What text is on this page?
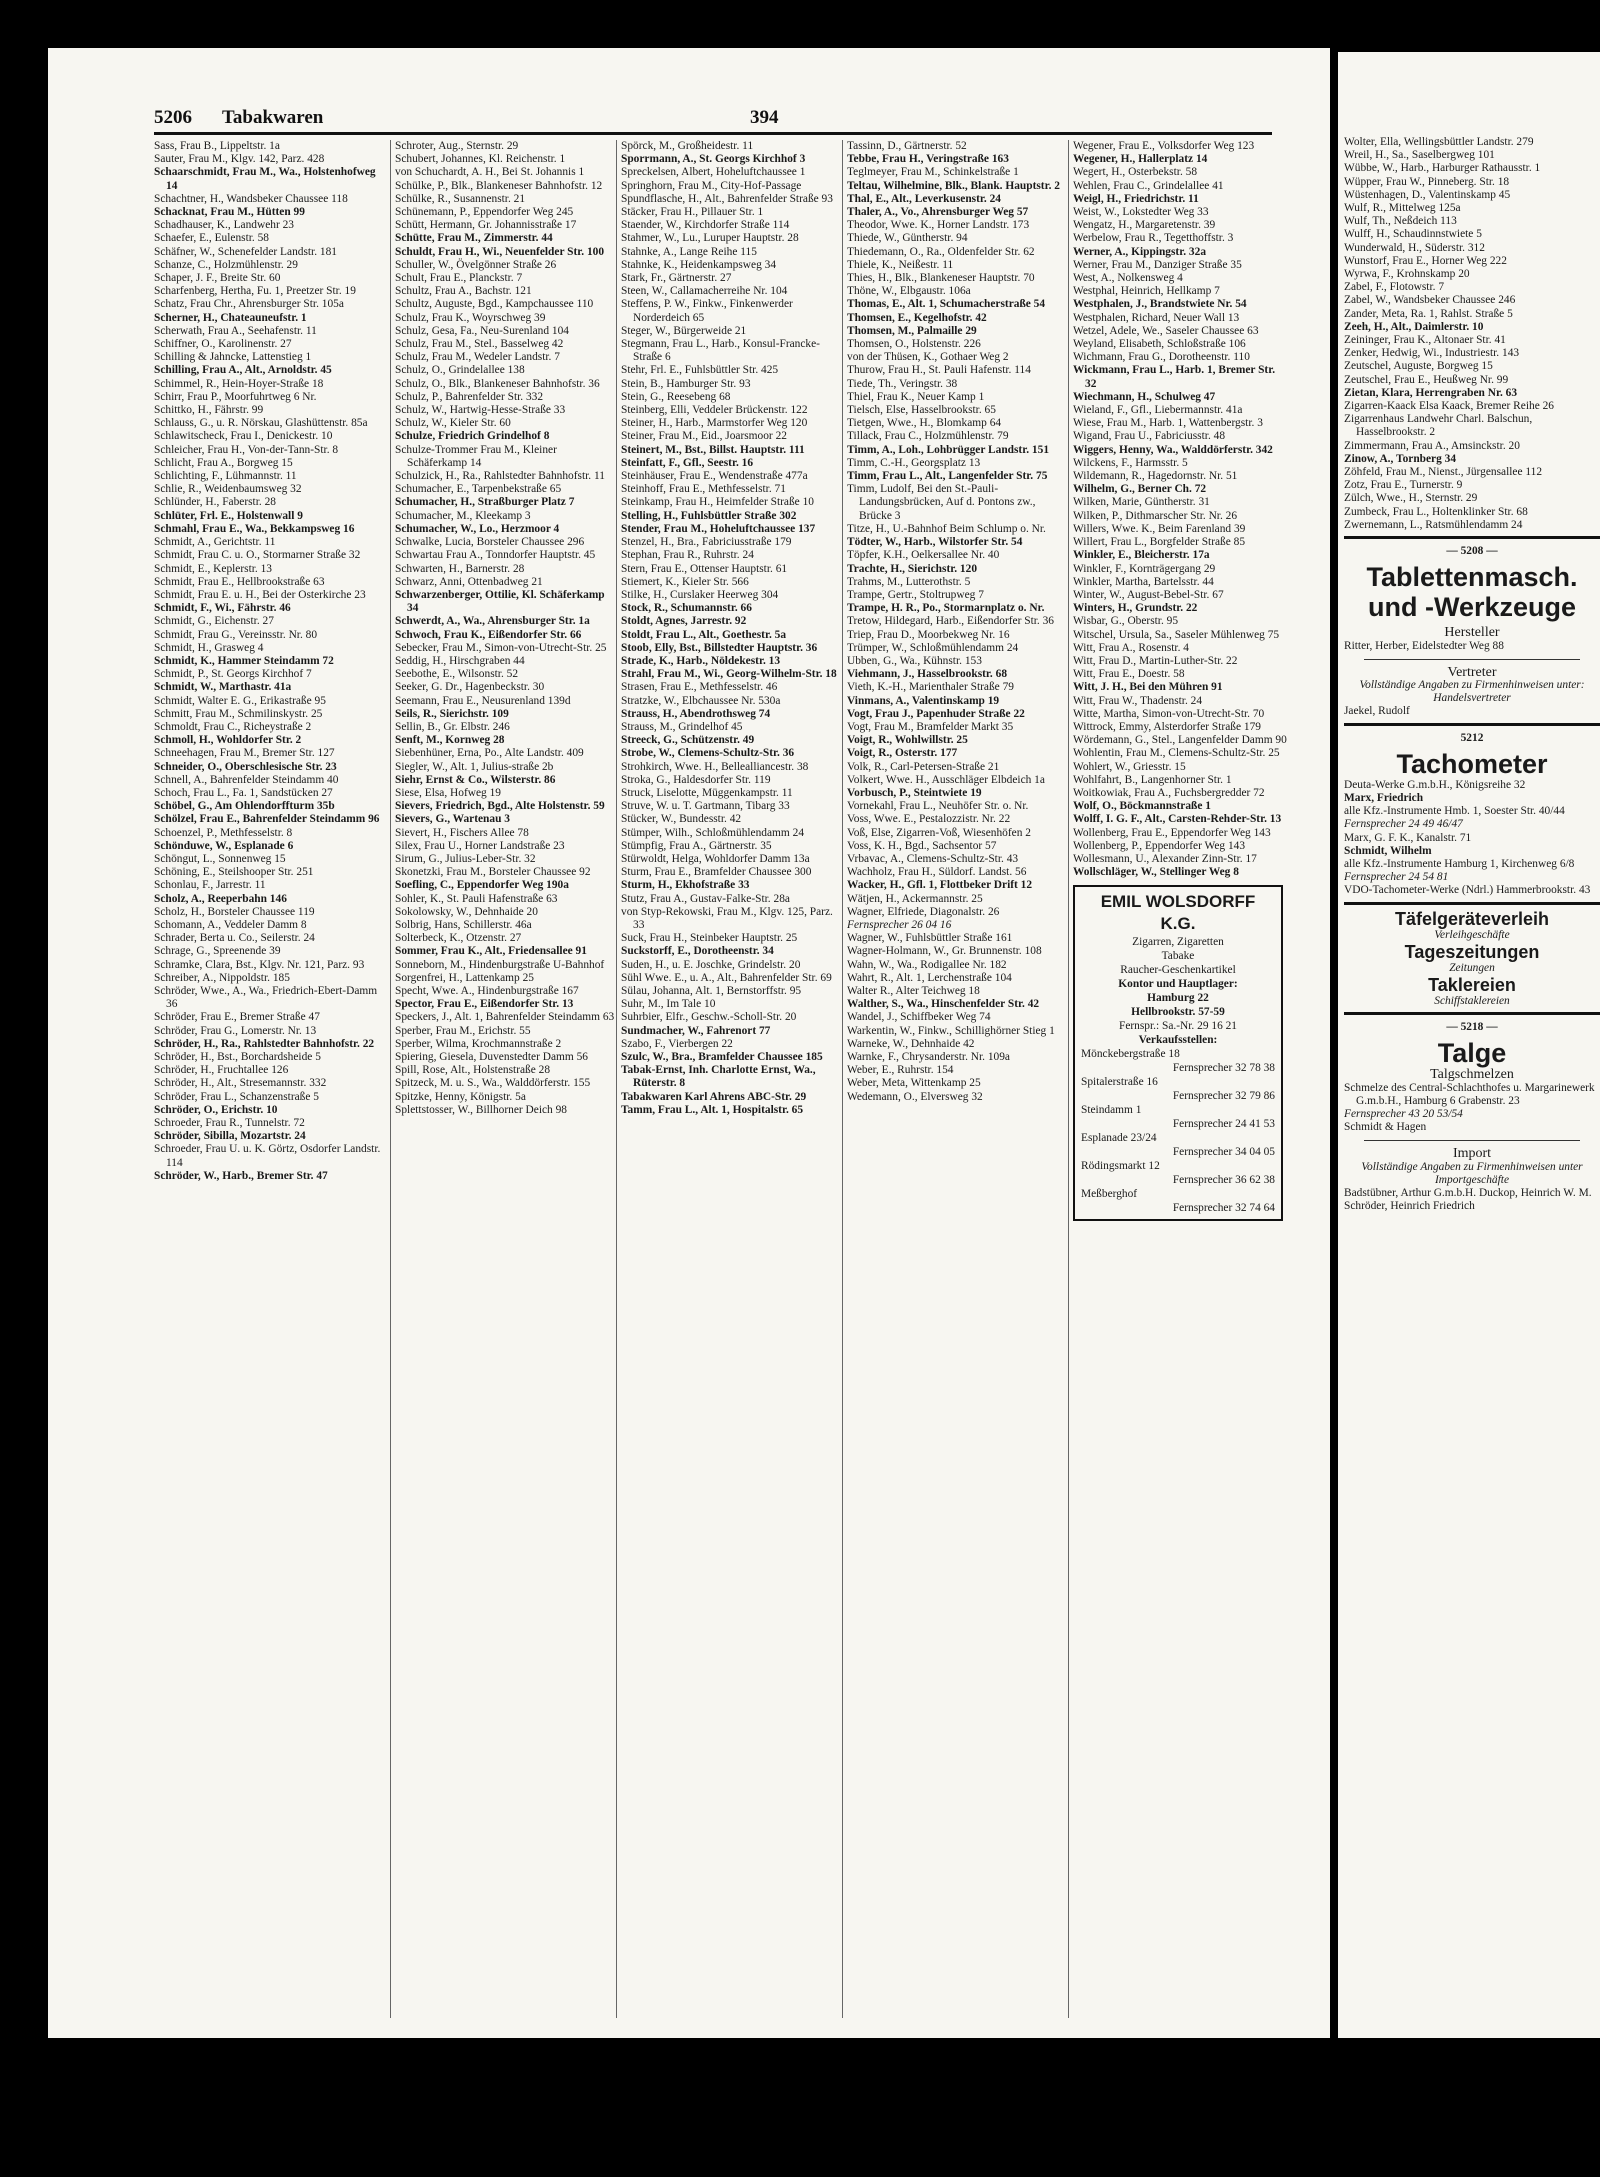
5206 Tabakwaren	394
Sass, Frau B., Lippeltstr. 1a
Sauter, Frau M., Klgv. 142, Parz. 428
Schaarschmidt, Frau M., Wa., Holstenhofweg 14
Schachtner, H., Wandsbeker Chaussee 118
Schacknat, Frau M., Hütten 99
Schadhauser, K., Landwehr 23
Schaefer, E., Eulenstr. 58
Schäfner, W., Schenefelder Landstr. 181
Schanze, C., Holzmühlenstr. 29
Schaper, J. F., Breite Str. 60
Scharfenberg, Hertha, Fu. 1, Preetzer Str. 19
Schatz, Frau Chr., Ahrensburger Str. 105a
Scherner, H., Chateauneufstr. 1
Scherwath, Frau A., Seehafenstr. 11
Schiffner, O., Karolinenstr. 27
Schilling & Jahncke, Lattenstieg 1
Schilling, Frau A., Alt., Arnoldstr. 45
Schimmel, R., Hein-Hoyer-Straße 18
Schirr, Frau P., Moorfuhrtweg 6 Nr.
Schittko, H., Fährstr. 99
Schlauss, G., u. R. Nörskau, Glashüttenstr. 85a
Schlawitscheck, Frau I., Denickestr. 10
Schleicher, Frau H., Von-der-Tann-Str. 8
Schlicht, Frau A., Borgweg 15
Schlichting, F., Lühmannstr. 11
Schlie, R., Weidenbaumsweg 32
Schlünder, H., Faberstr. 28
Schlüter, Frl. E., Holstenwall 9
Schmahl, Frau E., Wa., Bekkampsweg 16
Schmidt, A., Gerichtstr. 11
Schmidt, Frau C. u. O., Stormarner Straße 32
Schmidt, E., Keplerstr. 13
Schmidt, Frau E., Hellbrookstraße 63
Schmidt, Frau E. u. H., Bei der Osterkirche 23
Schmidt, F., Wi., Fährstr. 46
Schmidt, G., Eichenstr. 27
Schmidt, Frau G., Vereinsstr. Nr. 80
Schmidt, H., Grasweg 4
Schmidt, K., Hammer Steindamm 72
Schmidt, P., St. Georgs Kirchhof 7
Schmidt, W., Marthastr. 41a
Schmidt, Walter E. G., Erikastraße 95
Schmitt, Frau M., Schmilinskystr. 25
Schmoldt, Frau C., Richeystraße 2
Schmoll, H., Wohldorfer Str. 2
Schneehagen, Frau M., Bremer Str. 127
Schneider, O., Oberschlesische Str. 23
Schnell, A., Bahrenfelder Steindamm 40
Schoch, Frau L., Fa. 1, Sandstücken 27
Schöbel, G., Am Ohlendorffturm 35b
Schölzel, Frau E., Bahrenfelder Steindamm 96
Schoenzel, P., Methfesselstr. 8
Schönduwe, W., Esplanade 6
Schöngut, L., Sonnenweg 15
Schöning, E., Steilshooper Str. 251
Schonlau, F., Jarrestr. 11
Scholz, A., Reeperbahn 146
Scholz, H., Borsteler Chaussee 119
Schomann, A., Veddeler Damm 8
Schrader, Berta u. Co., Seilerstr. 24
Schrage, G., Spreenende 39
Schramke, Clara, Bst., Klgv. Nr. 121, Parz. 93
Schreiber, A., Nippoldstr. 185
Schröder, Wwe., A., Wa., Friedrich-Ebert-Damm 36
Schröder, Frau E., Bremer Straße 47
Schröder, Frau G., Lomerstr. Nr. 13
Schröder, H., Ra., Rahlstedter Bahnhofstr. 22
Schröder, H., Bst., Borchardsheide 5
Schröder, H., Fruchtallee 126
Schröder, H., Alt., Stresemannstr. 332
Schröder, Frau L., Schanzenstraße 5
Schröder, O., Erichstr. 10
Schroeder, Frau R., Tunnelstr. 72
Schröder, Sibilla, Mozartstr. 24
Schroeder, Frau U. u. K. Görtz, Osdorfer Landstr. 114
Schröder, W., Harb., Bremer Str. 47
Schroter, Aug., Sternstr. 29
Schubert, Johannes, Kl. Reichenstr. 1
von Schuchardt, A. H., Bei St. Johannis 1
Schülke, P., Blk., Blankeneser Bahnhofstr. 12
Schülke, R., Susannenstr. 21
Schünemann, P., Eppendorfer Weg 245
Schütt, Hermann, Gr. Johannisstraße 17
Schütte, Frau M., Zimmerstr. 44
Schuldt, Frau H., Wi., Neuenfelder Str. 100
Schuller, W., Övelgönner Straße 26
Schult, Frau E., Planckstr. 7
Schultz, Frau A., Bachstr. 121
Schultz, Auguste, Bgd., Kampchaussee 110
Schulz, Frau K., Woyrschweg 39
Schulz, Gesa, Fa., Neu-Surenland 104
Schulz, Frau M., Stel., Basselweg 42
Schulz, Frau M., Wedeler Landstr. 7
Schulz, O., Grindelallee 138
Schulz, O., Blk., Blankeneser Bahnhofstr. 36
Schulz, P., Bahrenfelder Str. 332
Schulz, W., Hartwig-Hesse-Straße 33
Schulz, W., Kieler Str. 60
Schulze, Friedrich Grindelhof 8
Schulze-Trommer Frau M., Kleiner Schäferkamp 14
Schulzick, H., Ra., Rahlstedter Bahnhofstr. 11
Schumacher, E., Tarpenbekstraße 65
Schumacher, H., Straßburger Platz 7
Schumacher, M., Kleekamp 3
Schumacher, W., Lo., Herzmoor 4
Schwalke, Lucia, Borsteler Chaussee 296
Schwartau Frau A., Tonndorfer Hauptstr. 45
Schwarten, H., Barnerstr. 28
Schwarz, Anni, Ottenbadweg 21
Schwarzenberger, Ottilie, Kl. Schäferkamp 34
Schwerdt, A., Wa., Ahrensburger Str. 1a
Schwoch, Frau K., Eißendorfer Str. 66
Sebecker, Frau M., Simon-von-Utrecht-Str. 25
Seddig, H., Hirschgraben 44
Seebothe, E., Wilsonstr. 52
Seeker, G. Dr., Hagenbeckstr. 30
Seemann, Frau E., Neusurenland 139d
Seils, R., Sierichstr. 109
Sellin, B., Gr. Elbstr. 246
Senft, M., Kornweg 28
Siebenhüner, Erna, Po., Alte Landstr. 409
Siegler, W., Alt. 1, Julius-straße 2b
Siehr, Ernst & Co., Wilsterstr. 86
Siese, Elsa, Hofweg 19
Sievers, Friedrich, Bgd., Alte Holstenstr. 59
Sievers, G., Wartenau 3
Sievert, H., Fischers Allee 78
Silex, Frau U., Horner Landstraße 23
Sirum, G., Julius-Leber-Str. 32
Skonetzki, Frau M., Borsteler Chaussee 92
Soefling, C., Eppendorfer Weg 190a
Sohler, K., St. Pauli Hafenstraße 63
Sokolowsky, W., Dehnhaide 20
Solbrig, Hans, Schillerstr. 46a
Solterbeck, K., Otzenstr. 27
Sommer, Frau K., Alt., Friedensallee 91
Sonneborn, M., Hindenburgstraße U-Bahnhof
Sorgenfrei, H., Lattenkamp 25
Specht, Wwe. A., Hindenburgstraße 167
Spector, Frau E., Eißendorfer Str. 13
Speckers, J., Alt. 1, Bahrenfelder Steindamm 63
Sperber, Frau M., Erichstr. 55
Sperber, Wilma, Krochmannstraße 2
Spiering, Giesela, Duvenstedter Damm 56
Spill, Rose, Alt., Holstenstraße 28
Spitzeck, M. u. S., Wa., Walddörferstr. 155
Spitzke, Henny, Königstr. 5a
Splettstosser, W., Billhorner Deich 98
Spörck, M., Großheidestr. 11
Sporrmann, A., St. Georgs Kirchhof 3
Spreckelsen, Albert, Hoheluftchaussee 1
Springhorn, Frau M., City-Hof-Passage
Spundflasche, H., Alt., Bahrenfelder Straße 93
Stäcker, Frau H., Pillauer Str. 1
Staender, W., Kirchdorfer Straße 114
Stahmer, W., Lu., Luruper Hauptstr. 28
Stahnke, A., Lange Reihe 115
Stahnke, K., Heidenkampsweg 34
Stark, Fr., Gärtnerstr. 27
Steen, W., Callamacherreihe Nr. 104
Steffens, P. W., Finkw., Finkenwerder Norderdeich 65
Steger, W., Bürgerweide 21
Stegmann, Frau L., Harb., Konsul-Francke-Straße 6
Stehr, Frl. E., Fuhlsbüttler Str. 425
Stein, B., Hamburger Str. 93
Stein, G., Reesebeng 68
Steinberg, Elli, Veddeler Brückenstr. 122
Steiner, H., Harb., Marmstorfer Weg 120
Steiner, Frau M., Eid., Joarsmoor 22
Steinert, M., Bst., Billst. Hauptstr. 111
Steinfatt, F., Gfl., Seestr. 16
Steinhäuser, Frau E., Wendenstraße 477a
Steinhoff, Frau E., Methfesselstr. 71
Steinkamp, Frau H., Heimfelder Straße 10
Stelling, H., Fuhlsbüttler Straße 302
Stender, Frau M., Hoheluftchaussee 137
Stenzel, H., Bra., Fabriciusstraße 179
Stephan, Frau R., Ruhrstr. 24
Stern, Frau E., Ottenser Hauptstr. 61
Stiemert, K., Kieler Str. 566
Stilke, H., Curslaker Heerweg 304
Stock, R., Schumannstr. 66
Stoldt, Agnes, Jarrestr. 92
Stoldt, Frau L., Alt., Goethestr. 5a
Stoob, Elly, Bst., Billstedter Hauptstr. 36
Strade, K., Harb., Nöldekestr. 13
Strahl, Frau M., Wi., Georg-Wilhelm-Str. 18
Strasen, Frau E., Methfesselstr. 46
Stratzke, W., Elbchaussee Nr. 530a
Strauss, H., Abendrothsweg 74
Strauss, M., Grindelhof 45
Streeck, G., Schützenstr. 49
Strobe, W., Clemens-Schultz-Str. 36
Strohkirch, Wwe. H., Bellealliancestr. 38
Stroka, G., Haldesdorfer Str. 119
Struck, Liselotte, Müggenkampstr. 11
Struve, W. u. T. Gartmann, Tibarg 33
Stücker, W., Bundesstr. 42
Stümper, Wilh., Schloßmühlendamm 24
Stümpfig, Frau A., Gärtnerstr. 35
Stürwoldt, Helga, Wohldorfer Damm 13a
Sturm, Frau E., Bramfelder Chaussee 300
Sturm, H., Ekhofstraße 33
Stutz, Frau A., Gustav-Falke-Str. 28a
von Styp-Rekowski, Frau M., Klgv. 125, Parz. 33
Suck, Frau H., Steinbeker Hauptstr. 25
Suckstorff, E., Dorotheenstr. 34
Suden, H., u. E. Joschke, Grindelstr. 20
Sühl Wwe. E., u. A., Alt., Bahrenfelder Str. 69
Sülau, Johanna, Alt. 1, Bernstorffstr. 95
Suhr, M., Im Tale 10
Suhrbier, Elfr., Geschw.-Scholl-Str. 20
Sundmacher, W., Fahrenort 77
Szabo, F., Vierbergen 22
Szulc, W., Bra., Bramfelder Chaussee 185
Tabak-Ernst, Inh. Charlotte Ernst, Wa., Rüterstr. 8
Tabakwaren Karl Ahrens ABC-Str. 29
Tamm, Frau L., Alt. 1, Hospitalstr. 65
Tassinn, D., Gärtnerstr. 52
Tebbe, Frau H., Veringstraße 163
Teglmeyer, Frau M., Schinkelstraße 1
Teltau, Wilhelmine, Blk., Blank. Hauptstr. 2
Thal, E., Alt., Leverkusenstr. 24
Thaler, A., Vo., Ahrensburger Weg 57
Theodor, Wwe. K., Horner Landstr. 173
Thiede, W., Güntherstr. 94
Thiedemann, O., Ra., Oldenfelder Str. 62
Thiele, K., Neißestr. 11
Thies, H., Blk., Blankeneser Hauptstr. 70
Thöne, W., Elbgaustr. 106a
Thomas, E., Alt. 1, Schumacherstraße 54
Thomsen, E., Kegelhofstr. 42
Thomsen, M., Palmaille 29
Thomsen, O., Holstenstr. 226
von der Thüsen, K., Gothaer Weg 2
Thurow, Frau H., St. Pauli Hafenstr. 114
Tiede, Th., Veringstr. 38
Thiel, Frau K., Neuer Kamp 1
Tielsch, Else, Hasselbrookstr. 65
Tietgen, Wwe., H., Blomkamp 64
Tillack, Frau C., Holzmühlenstr. 79
Timm, A., Loh., Lohbrügger Landstr. 151
Timm, C.-H., Georgsplatz 13
Timm, Frau L., Alt., Langenfelder Str. 75
Timm, Ludolf, Bei den St.-Pauli-Landungsbrücken, Auf d. Pontons zw., Brücke 3
Titze, H., U.-Bahnhof Beim Schlump o. Nr.
Tödter, W., Harb., Wilstorfer Str. 54
Töpfer, K.H., Oelkersallee Nr. 40
Trachte, H., Sierichstr. 120
Trahms, M., Lutterothstr. 5
Trampe, Gertr., Stoltrupweg 7
Trampe, H. R., Po., Stormarnplatz o. Nr.
Tretow, Hildegard, Harb., Eißendorfer Str. 36
Triep, Frau D., Moorbekweg Nr. 16
Trümper, W., Schloßmühlendamm 24
Ubben, G., Wa., Kühnstr. 153
Viehmann, J., Hasselbrookstr. 68
Vieth, K.-H., Marienthaler Straße 79
Vinmans, A., Valentinskamp 19
Vogt, Frau J., Papenhuder Straße 22
Vogt, Frau M., Bramfelder Markt 35
Voigt, R., Wohlwillstr. 25
Voigt, R., Osterstr. 177
Volk, R., Carl-Petersen-Straße 21
Volkert, Wwe. H., Ausschläger Elbdeich 1a
Vorbusch, P., Steintwiete 19
Vornekahl, Frau L., Neuhöfer Str. o. Nr.
Voss, Wwe. E., Pestalozzistr. Nr. 22
Voß, Else, Zigarren-Voß, Wiesenhöfen 2
Voss, K. H., Bgd., Sachsentor 57
Vrbavac, A., Clemens-Schultz-Str. 43
Wachholz, Frau H., Süldorf. Landst. 56
Wacker, H., Gfl. 1, Flottbeker Drift 12
Wätjen, H., Ackermannstr. 25
Wagner, Elfriede, Diagonalstr. 26
Fernsprecher 26 04 16
Wagner, W., Fuhlsbüttler Straße 161
Wagner-Holmann, W., Gr. Brunnenstr. 108
Wahn, W., Wa., Rodigallee Nr. 182
Wahrt, R., Alt. 1, Lerchenstraße 104
Walter R., Alter Teichweg 18
Walther, S., Wa., Hinschenfelder Str. 42
Wandel, J., Schiffbeker Weg 74
Warkentin, W., Finkw., Schillighörner Stieg 1
Warneke, W., Dehnhaide 42
Warnke, F., Chrysanderstr. Nr. 109a
Weber, E., Ruhrstr. 154
Weber, Meta, Wittenkamp 25
Wedemann, O., Elversweg 32
Wegener, Frau E., Volksdorfer Weg 123
Wegener, H., Hallerplatz 14
Wegert, H., Osterbekstr. 58
Wehlen, Frau C., Grindelallee 41
Weigl, H., Friedrichstr. 11
Weist, W., Lokstedter Weg 33
Wengatz, H., Margaretenstr. 39
Werbelow, Frau R., Tegetthoffstr. 3
Werner, A., Kippingstr. 32a
Werner, Frau M., Danziger Straße 35
West, A., Nolkensweg 4
Westphal, Heinrich, Hellkamp 7
Westphalen, J., Brandstwiete Nr. 54
Westphalen, Richard, Neuer Wall 13
Wetzel, Adele, We., Saseler Chaussee 63
Weyland, Elisabeth, Schloßstraße 106
Wichmann, Frau G., Dorotheenstr. 110
Wickmann, Frau L., Harb. 1, Bremer Str. 32
Wiechmann, H., Schulweg 47
Wieland, F., Gfl., Liebermannstr. 41a
Wiese, Frau M., Harb. 1, Wattenbergstr. 3
Wigand, Frau U., Fabriciusstr. 48
Wiggers, Henny, Wa., Walddörferstr. 342
Wilckens, F., Harmsstr. 5
Wildemann, R., Hagedornstr. Nr. 51
Wilhelm, G., Berner Ch. 72
Wilken, Marie, Güntherstr. 31
Wilken, P., Dithmarscher Str. Nr. 26
Willers, Wwe. K., Beim Farenland 39
Willert, Frau L., Borgfelder Straße 85
Winkler, E., Bleicherstr. 17a
Winkler, F., Kornträgergang 29
Winkler, Martha, Bartelsstr. 44
Winter, W., August-Bebel-Str. 67
Winters, H., Grundstr. 22
Wisbar, G., Oberstr. 95
Witschel, Ursula, Sa., Saseler Mühlenweg 75
Witt, Frau A., Rosenstr. 4
Witt, Frau D., Martin-Luther-Str. 22
Witt, Frau E., Doestr. 58
Witt, J. H., Bei den Mühren 91
Witt, Frau W., Thadenstr. 24
Witte, Martha, Simon-von-Utrecht-Str. 70
Wittrock, Emmy, Alsterdorfer Straße 179
Wördemann, G., Stel., Langenfelder Damm 90
Wohlentin, Frau M., Clemens-Schultz-Str. 25
Wohlert, W., Griesstr. 15
Wohlfahrt, B., Langenhorner Str. 1
Woitkowiak, Frau A., Fuchsbergredder 72
Wolf, O., Böckmannstraße 1
Wolff, I. G. F., Alt., Carsten-Rehder-Str. 13
Wollenberg, Frau E., Eppendorfer Weg 143
Wollenberg, P., Eppendorfer Weg 143
Wollesmann, U., Alexander Zinn-Str. 17
Wollschläger, W., Stellinger Weg 8
EMIL WOLSDORFF K.G.
Zigarren, Zigaretten
Tabake
Raucher-Geschenkartikel
Kontor und Hauptlager:
Hamburg 22
Hellbrookstr. 57-59
Fernspr.: Sa.-Nr. 29 16 21
Verkaufsstellen:
Mönckebergstraße 18
Fernsprecher 32 78 38
Spitalerstraße 16
Fernsprecher 32 79 86
Steindamm 1
Fernsprecher 24 41 53
Esplanade 23/24
Fernsprecher 34 04 05
Rödingsmarkt 12
Fernsprecher 36 62 38
Meßberghof
Fernsprecher 32 74 64
Wolter, Ella, Wellingsbüttler Landstr. 279
Wreil, H., Sa., Saselbergweg 101
Wübbe, W., Harb., Harburger Rathausstr. 1
Wüpper, Frau W., Pinneberg. Str. 18
Wüstenhagen, D., Valentinskamp 45
Wulf, R., Mittelweg 125a
Wulf, Th., Neßdeich 113
Wulff, H., Schaudinnstwiete 5
Wunderwald, H., Süderstr. 312
Wunstorf, Frau E., Horner Weg 222
Wyrwa, F., Krohnskamp 20
Zabel, F., Flotowstr. 7
Zabel, W., Wandsbeker Chaussee 246
Zander, Meta, Ra. 1, Rahlst. Straße 5
Zeeh, H., Alt., Daimlerstr. 10
Zeininger, Frau K., Altonaer Str. 41
Zenker, Hedwig, Wi., Industriestr. 143
Zeutschel, Auguste, Borgweg 15
Zeutschel, Frau E., Heußweg Nr. 99
Zietan, Klara, Herrengraben Nr. 63
Zigarren-Kaack Elsa Kaack, Bremer Reihe 26
Zigarrenhaus Landwehr Charl. Balschun, Hasselbrookstr. 2
Zimmermann, Frau A., Amsinckstr. 20
Zinow, A., Tornberg 34
Zöhfeld, Frau M., Nienst., Jürgensallee 112
Zotz, Frau E., Turnerstr. 9
Zülch, Wwe., H., Sternstr. 29
Zumbeck, Frau L., Holtenklinker Str. 68
Zwernemann, L., Ratsmühlendamm 24
— 5208 —
Tablettenmasch.
und -Werkzeuge
Hersteller
Ritter, Herber, Eidelstedter Weg 88
Vertreter
Vollständige Angaben zu Firmenhinweisen unter: Handelsvertreter
Jaekel, Rudolf
5212
Tachometer
Deuta-Werke G.m.b.H., Königsreihe 32
Marx, Friedrich
alle Kfz.-Instrumente Hmb. 1, Soester Str. 40/44
Fernsprecher 24 49 46/47
Marx, G. F. K., Kanalstr. 71
Schmidt, Wilhelm
alle Kfz.-Instrumente Hamburg 1, Kirchenweg 6/8
Fernsprecher 24 54 81
VDO-Tachometer-Werke (Ndrl.) Hammerbrookstr. 43
Täfelgeräteverleih
Verleihgeschäfte
Tageszeitungen
Zeitungen
Taklereien
Schiffstaklereien
— 5218 —
Talge
Talgschmelzen
Schmelze des Central-Schlachthofes u. Margarinewerk G.m.b.H., Hamburg 6 Grabenstr. 23
Fernsprecher 43 20 53/54
Schmidt & Hagen
Import
Vollständige Angaben zu Firmenhinweisen unter Importgeschäfte
Badstübner, Arthur G.m.b.H. Duckop, Heinrich W. M.
Schröder, Heinrich Friedrich
